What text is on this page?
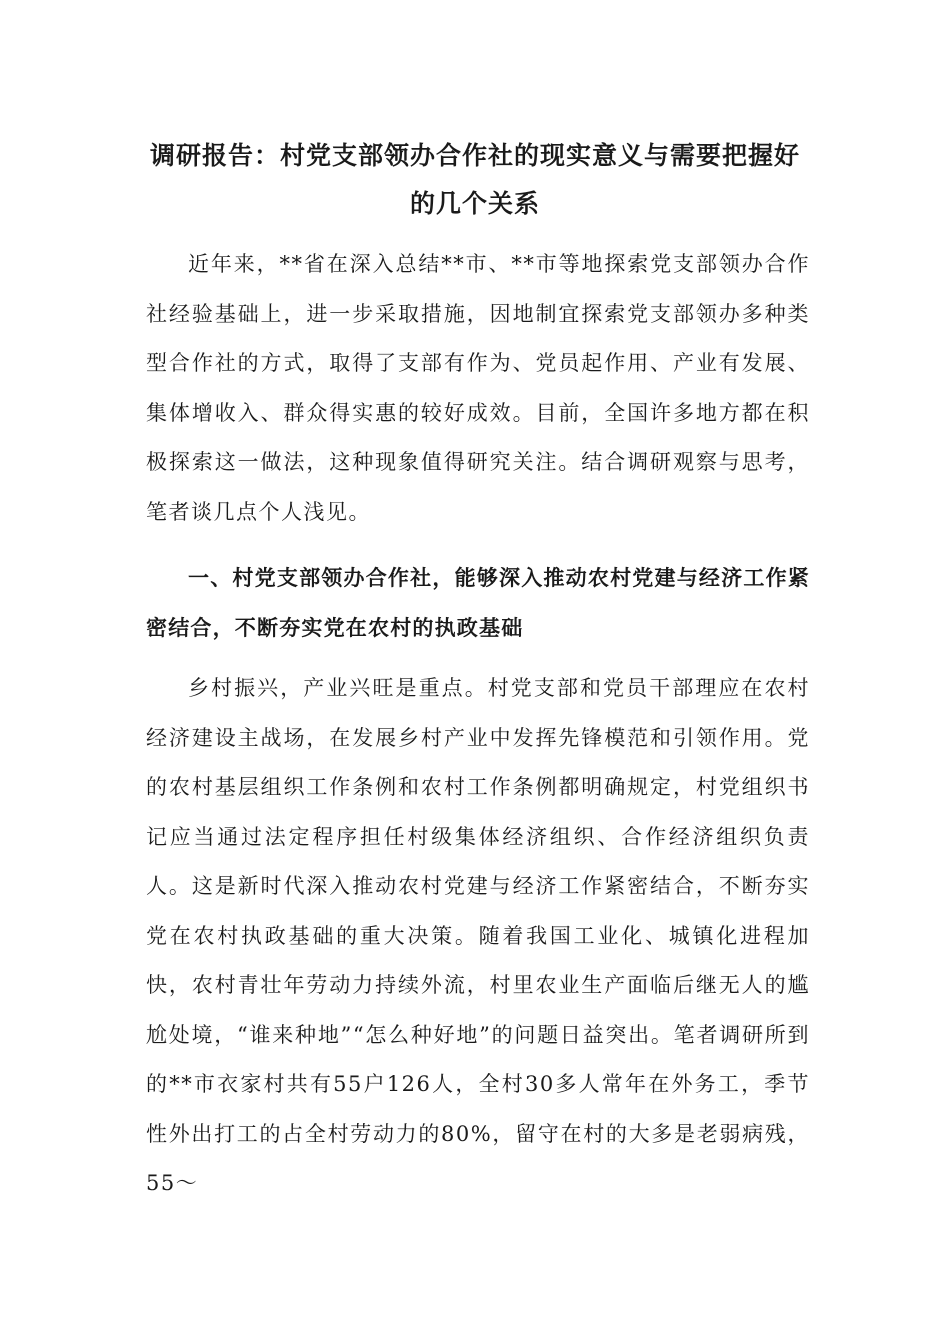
调研报告：村党支部领办合作社的现实意义与需要把握好的几个关系

近年来，**省在深入总结**市、**市等地探索党支部领办合作社经验基础上，进一步采取措施，因地制宜探索党支部领办多种类型合作社的方式，取得了支部有作为、党员起作用、产业有发展、集体增收入、群众得实惠的较好成效。目前，全国许多地方都在积极探索这一做法，这种现象值得研究关注。结合调研观察与思考，笔者谈几点个人浅见。

一、村党支部领办合作社，能够深入推动农村党建与经济工作紧密结合，不断夯实党在农村的执政基础

乡村振兴，产业兴旺是重点。村党支部和党员干部理应在农村经济建设主战场，在发展乡村产业中发挥先锋模范和引领作用。党的农村基层组织工作条例和农村工作条例都明确规定，村党组织书记应当通过法定程序担任村级集体经济组织、合作经济组织负责人。这是新时代深入推动农村党建与经济工作紧密结合，不断夯实党在农村执政基础的重大决策。随着我国工业化、城镇化进程加快，农村青壮年劳动力持续外流，村里农业生产面临后继无人的尴尬处境，“谁来种地”“怎么种好地”的问题日益突出。笔者调研所到的**市衣家村共有55户126人，全村30多人常年在外务工，季节性外出打工的占全村劳动力的80%，留守在村的大多是老弱病残，55～
